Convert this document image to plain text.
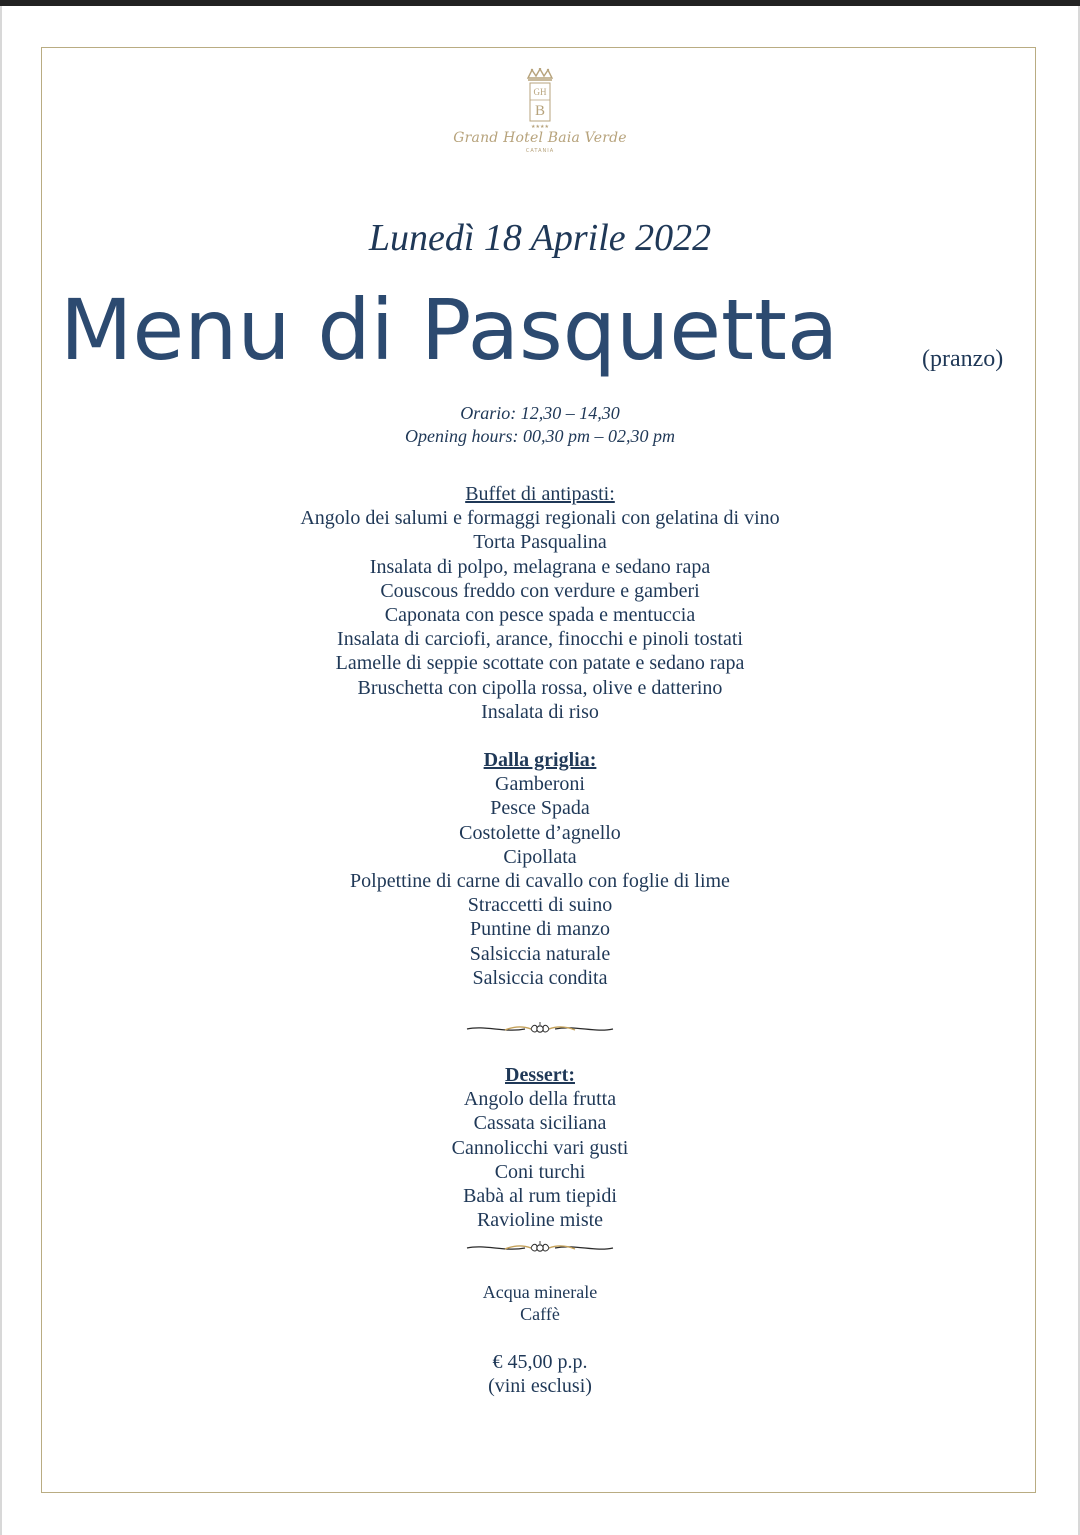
GH
B
★★★★
Grand Hotel Baia Verde
CATANIA
Lunedì 18 Aprile 2022
Menu di Pasquetta	(pranzo)
Orario: 12,30 – 14,30
Opening hours: 00,30 pm – 02,30 pm
Buffet di antipasti:
Angolo dei salumi e formaggi regionali con gelatina di vino
Torta Pasqualina
Insalata di polpo, melagrana e sedano rapa
Couscous freddo con verdure e gamberi
Caponata con pesce spada e mentuccia
Insalata di carciofi, arance, finocchi e pinoli tostati
Lamelle di seppie scottate con patate e sedano rapa
Bruschetta con cipolla rossa, olive e datterino
Insalata di riso
Dalla griglia:
Gamberoni
Pesce Spada
Costolette d’agnello
Cipollata
Polpettine di carne di cavallo con foglie di lime
Straccetti di suino
Puntine di manzo
Salsiccia naturale
Salsiccia condita
Dessert:
Angolo della frutta
Cassata siciliana
Cannolicchi vari gusti
Coni turchi
Babà al rum tiepidi
Ravioline miste
Acqua minerale
Caffè
€ 45,00 p.p.
(vini esclusi)
